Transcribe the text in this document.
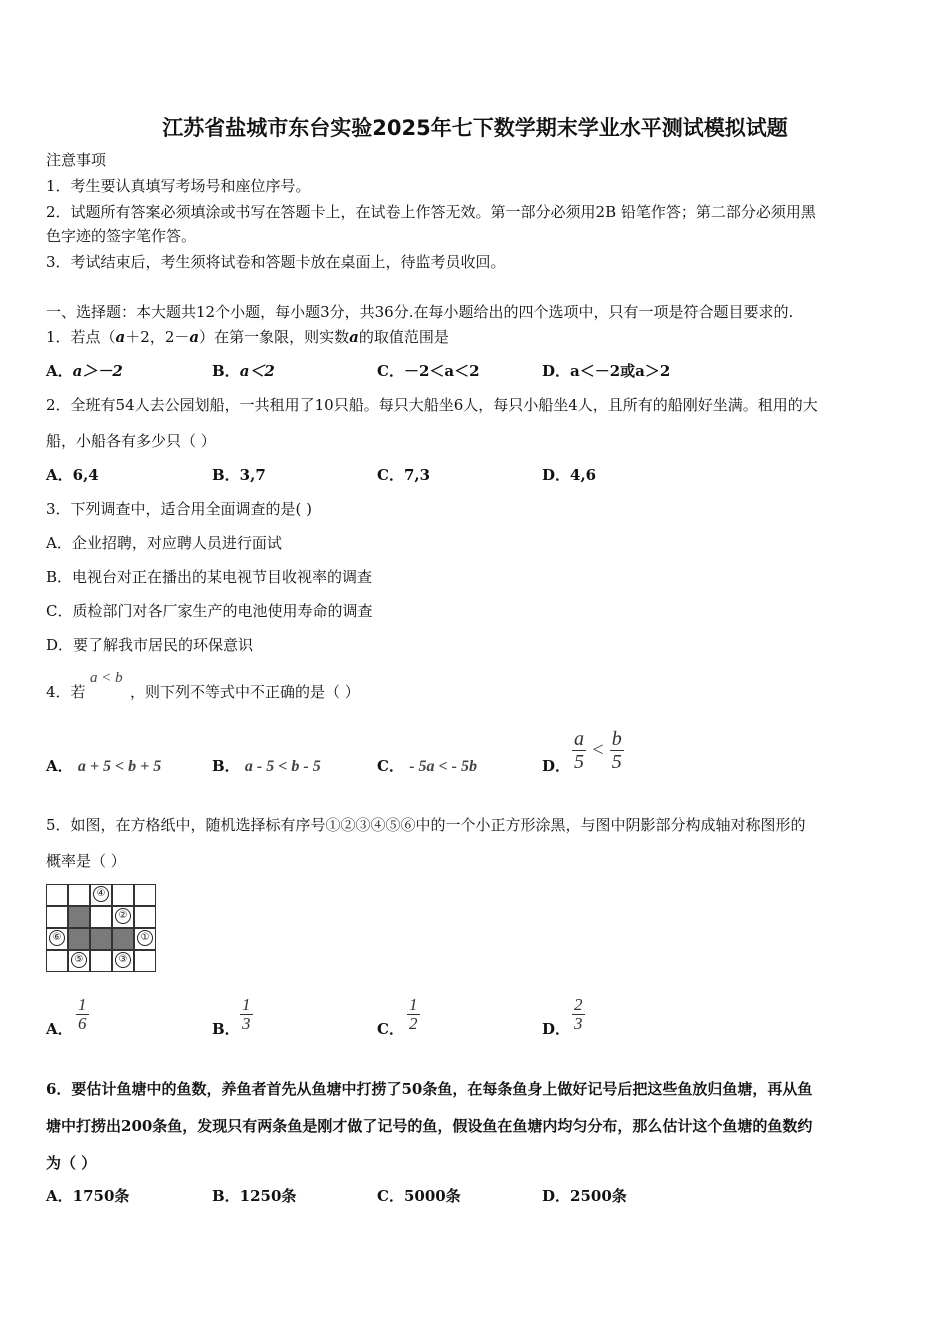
江苏省盐城市东台实验2025年七下数学期末学业水平测试模拟试题
注意事项
1．考生要认真填写考场号和座位序号。
2．试题所有答案必须填涂或书写在答题卡上，在试卷上作答无效。第一部分必须用2B 铅笔作答；第二部分必须用黑
色字迹的签字笔作答。
3．考试结束后，考生须将试卷和答题卡放在桌面上，待监考员收回。
一、选择题：本大题共12个小题，每小题3分，共36分.在每小题给出的四个选项中，只有一项是符合题目要求的.
1．若点（a＋2，2－a）在第一象限，则实数a的取值范围是
A．a＞－2	B．a＜2	C．－2＜a＜2	D．a＜－2或a＞2
2．全班有54人去公园划船，一共租用了10只船。每只大船坐6人，每只小船坐4人，且所有的船刚好坐满。租用的大
船，小船各有多少只（ ）
A．6,4	B．3,7	C．7,3	D．4,6
3．下列调查中，适合用全面调查的是( )
A．企业招聘，对应聘人员进行面试
B．电视台对正在播出的某电视节目收视率的调查
C．质检部门对各厂家生产的电池使用寿命的调查
D．要了解我市居民的环保意识
4．若
a < b
，则下列不等式中不正确的是（ ）
A． a + 5 < b + 5	B． a - 5 < b - 5	C． - 5a < - 5b	D． $\frac{a}{5} < \frac{b}{5}$
5．如图，在方格纸中，随机选择标有序号①②③④⑤⑥中的一个小正方形涂黑，与图中阴影部分构成轴对称图形的
概率是（ ）
④
②
⑥	①
⑤	③
A． $\frac{1}{6}$	B． $\frac{1}{3}$	C． $\frac{1}{2}$	D． $\frac{2}{3}$
6．要估计鱼塘中的鱼数，养鱼者首先从鱼塘中打捞了50条鱼，在每条鱼身上做好记号后把这些鱼放归鱼塘，再从鱼
塘中打捞出200条鱼，发现只有两条鱼是刚才做了记号的鱼，假设鱼在鱼塘内均匀分布，那么估计这个鱼塘的鱼数约
为（ ）
A．1750条	B．1250条	C．5000条	D．2500条
